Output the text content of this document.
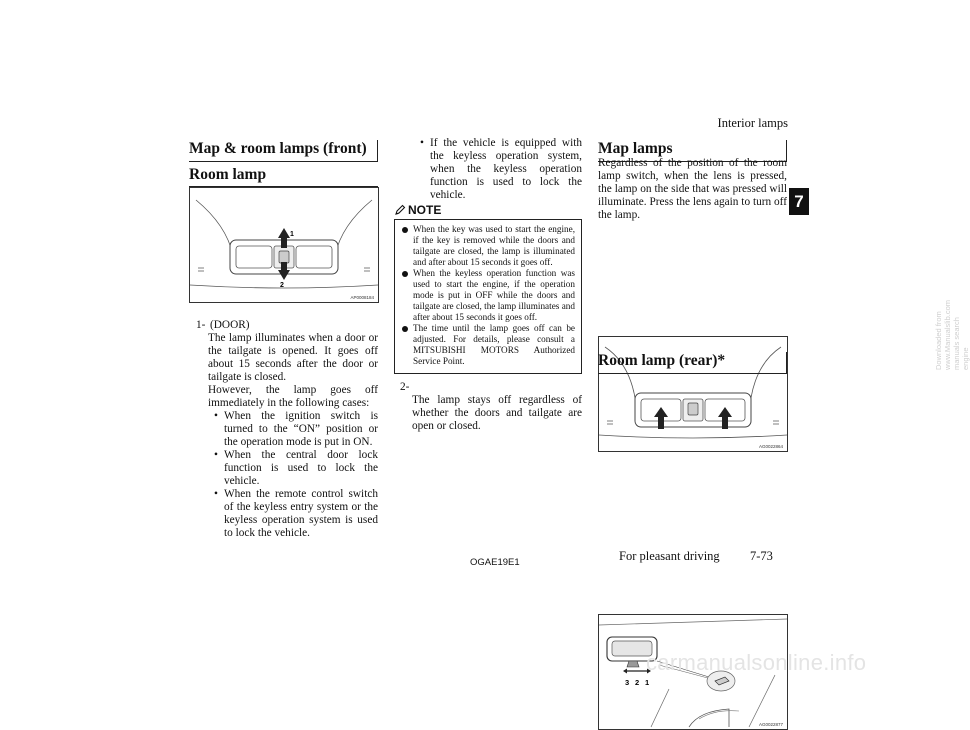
Interior lamps
7
Map & room lamps (front)
Room lamp
1
2
AP0008184
1- (DOOR)
The lamp illuminates when a door or the tailgate is opened. It goes off about 15 seconds after the door or tailgate is closed.
However, the lamp goes off immediately in the following cases:
• When the ignition switch is turned to the “ON” position or the operation mode is put in ON.
• When the central door lock function is used to lock the vehicle.
• When the remote control switch of the keyless entry system or the keyless operation system is used to lock the vehicle.
• If the vehicle is equipped with the keyless operation system, when the keyless operation function is used to lock the vehicle.
NOTE
When the key was used to start the engine, if the key is removed while the doors and tailgate are closed, the lamp is illuminated and after about 15 seconds it goes off.
When the keyless operation function was used to start the engine, if the operation mode is put in OFF while the doors and tailgate are closed, the lamp illuminates and after about 15 seconds it goes off.
The time until the lamp goes off can be adjusted. For details, please consult a MITSUBISHI MOTORS Authorized Service Point.
2-
The lamp stays off regardless of whether the doors and tailgate are open or closed.
Map lamps
Regardless of the position of the room lamp switch, when the lens is pressed, the lamp on the side that was pressed will illuminate. Press the lens again to turn off the lamp.
AG0022864
Room lamp (rear)*
3 2 1
AG0022877
OGAE19E1	For pleasant driving 7-73
carmanualsonline.info
Downloaded from www.Manualslib.com manuals search engine
